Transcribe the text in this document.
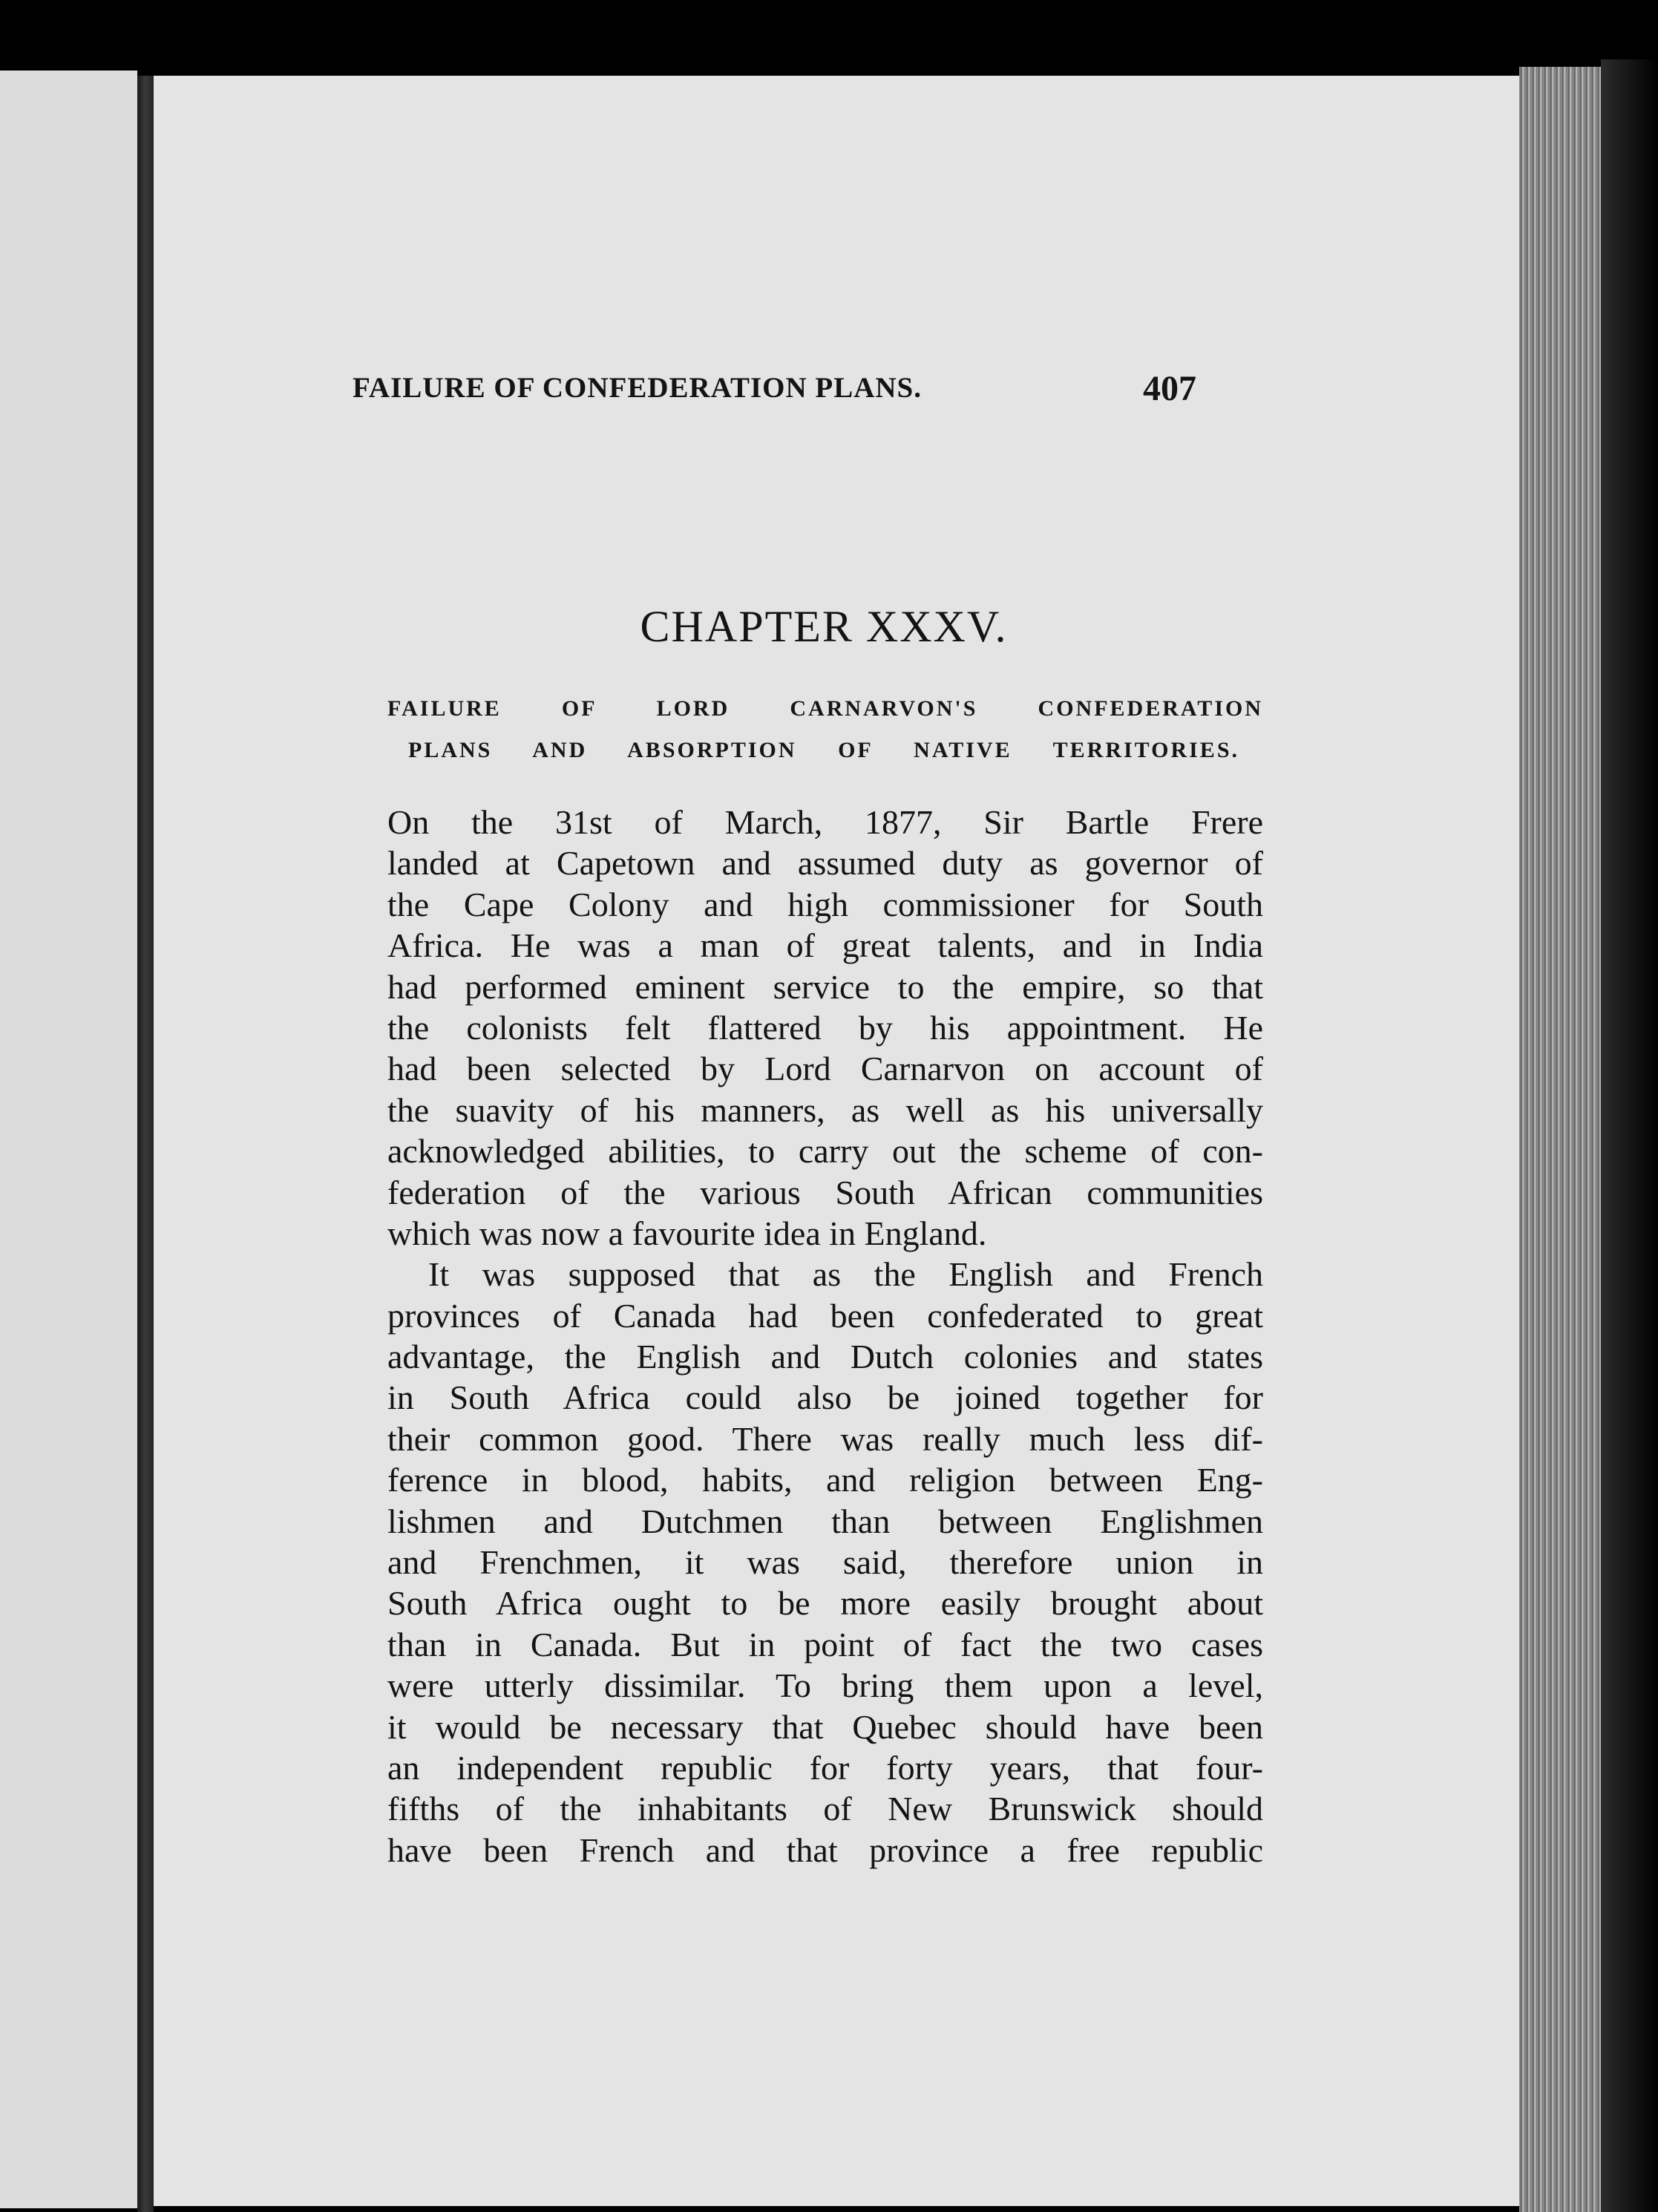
FAILURE OF CONFEDERATION PLANS.	407
CHAPTER XXXV.
FAILURE OF LORD CARNARVON'S CONFEDERATION
PLANS AND ABSORPTION OF NATIVE TERRITORIES.
On the 31st of March, 1877, Sir Bartle Frere
landed at Capetown and assumed duty as governor of
the Cape Colony and high commissioner for South
Africa. He was a man of great talents, and in India
had performed eminent service to the empire, so that
the colonists felt flattered by his appointment. He
had been selected by Lord Carnarvon on account of
the suavity of his manners, as well as his universally
acknowledged abilities, to carry out the scheme of con-
federation of the various South African communities
which was now a favourite idea in England.
It was supposed that as the English and French
provinces of Canada had been confederated to great
advantage, the English and Dutch colonies and states
in South Africa could also be joined together for
their common good. There was really much less dif-
ference in blood, habits, and religion between Eng-
lishmen and Dutchmen than between Englishmen
and Frenchmen, it was said, therefore union in
South Africa ought to be more easily brought about
than in Canada. But in point of fact the two cases
were utterly dissimilar. To bring them upon a level,
it would be necessary that Quebec should have been
an independent republic for forty years, that four-
fifths of the inhabitants of New Brunswick should
have been French and that province a free republic
